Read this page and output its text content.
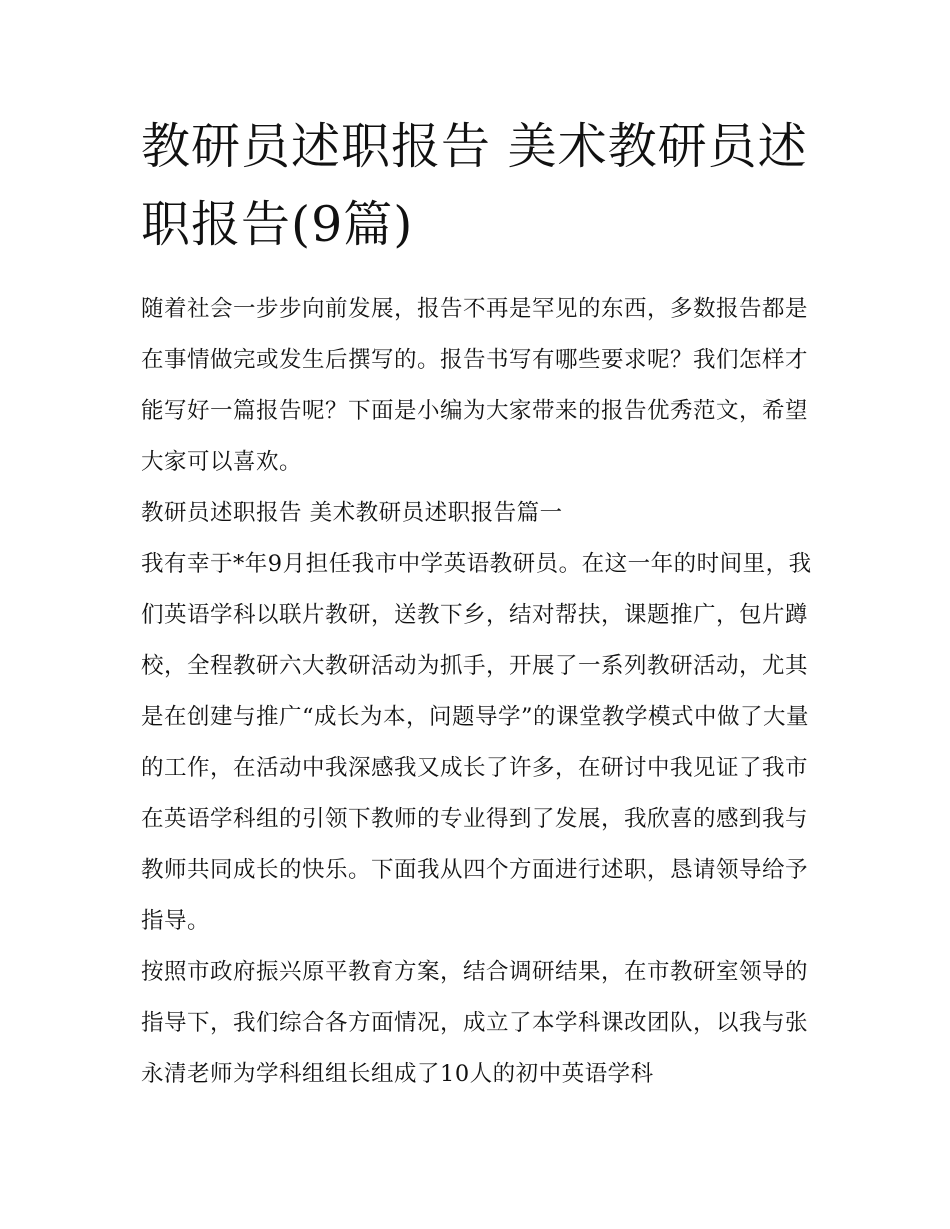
教研员述职报告 美术教研员述职报告(9篇)

随着社会一步步向前发展，报告不再是罕见的东西，多数报告都是在事情做完或发生后撰写的。报告书写有哪些要求呢？我们怎样才能写好一篇报告呢？下面是小编为大家带来的报告优秀范文，希望大家可以喜欢。

教研员述职报告 美术教研员述职报告篇一

我有幸于*年9月担任我市中学英语教研员。在这一年的时间里，我们英语学科以联片教研，送教下乡，结对帮扶，课题推广，包片蹲校，全程教研六大教研活动为抓手，开展了一系列教研活动，尤其是在创建与推广“成长为本，问题导学”的课堂教学模式中做了大量的工作，在活动中我深感我又成长了许多，在研讨中我见证了我市在英语学科组的引领下教师的专业得到了发展，我欣喜的感到我与教师共同成长的快乐。下面我从四个方面进行述职，恳请领导给予指导。

按照市政府振兴原平教育方案，结合调研结果，在市教研室领导的指导下，我们综合各方面情况，成立了本学科课改团队，以我与张永清老师为学科组组长组成了10人的初中英语学科
